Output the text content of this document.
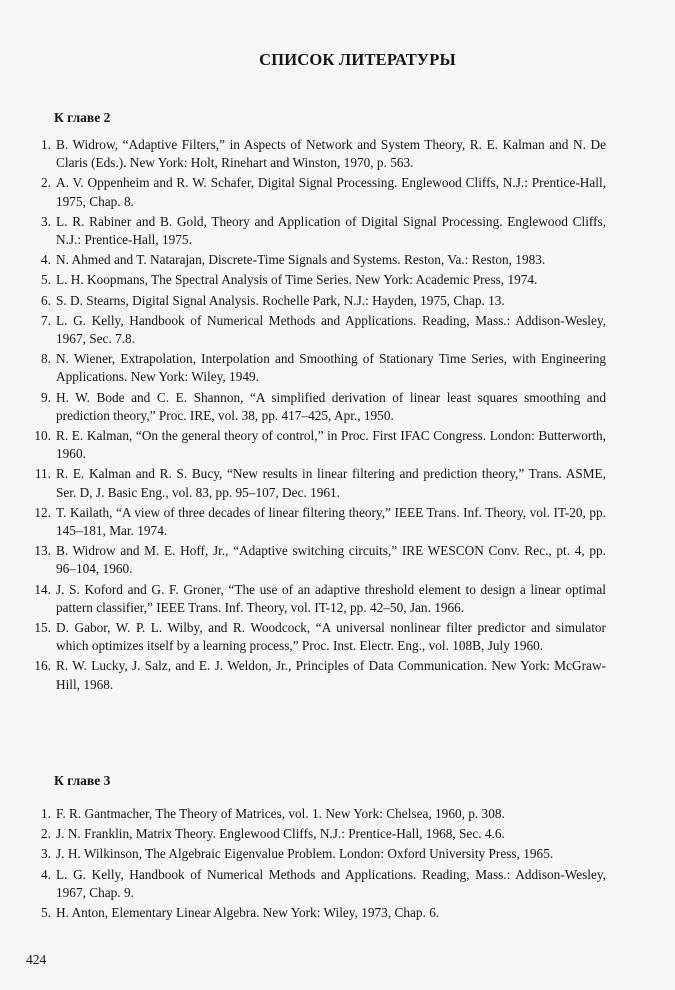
СПИСОК ЛИТЕРАТУРЫ
К главе 2
1. B. Widrow, “Adaptive Filters,” in Aspects of Network and System Theory, R. E. Kalman and N. De Claris (Eds.). New York: Holt, Rinehart and Winston, 1970, p. 563.
2. A. V. Oppenheim and R. W. Schafer, Digital Signal Processing. Englewood Cliffs, N.J.: Prentice-Hall, 1975, Chap. 8.
3. L. R. Rabiner and B. Gold, Theory and Application of Digital Signal Processing. Englewood Cliffs, N.J.: Prentice-Hall, 1975.
4. N. Ahmed and T. Natarajan, Discrete-Time Signals and Systems. Reston, Va.: Reston, 1983.
5. L. H. Koopmans, The Spectral Analysis of Time Series. New York: Academic Press, 1974.
6. S. D. Stearns, Digital Signal Analysis. Rochelle Park, N.J.: Hayden, 1975, Chap. 13.
7. L. G. Kelly, Handbook of Numerical Methods and Applications. Reading, Mass.: Addison-Wesley, 1967, Sec. 7.8.
8. N. Wiener, Extrapolation, Interpolation and Smoothing of Stationary Time Series, with Engineering Applications. New York: Wiley, 1949.
9. H. W. Bode and C. E. Shannon, “A simplified derivation of linear least squares smoothing and prediction theory,” Proc. IRE, vol. 38, pp. 417–425, Apr., 1950.
10. R. E. Kalman, “On the general theory of control,” in Proc. First IFAC Congress. London: Butterworth, 1960.
11. R. E. Kalman and R. S. Bucy, “New results in linear filtering and prediction theory,” Trans. ASME, Ser. D, J. Basic Eng., vol. 83, pp. 95–107, Dec. 1961.
12. T. Kailath, “A view of three decades of linear filtering theory,” IEEE Trans. Inf. Theory, vol. IT-20, pp. 145–181, Mar. 1974.
13. B. Widrow and M. E. Hoff, Jr., “Adaptive switching circuits,” IRE WESCON Conv. Rec., pt. 4, pp. 96–104, 1960.
14. J. S. Koford and G. F. Groner, “The use of an adaptive threshold element to design a linear optimal pattern classifier,” IEEE Trans. Inf. Theory, vol. IT-12, pp. 42–50, Jan. 1966.
15. D. Gabor, W. P. L. Wilby, and R. Woodcock, “A universal nonlinear filter predictor and simulator which optimizes itself by a learning process,” Proc. Inst. Electr. Eng., vol. 108B, July 1960.
16. R. W. Lucky, J. Salz, and E. J. Weldon, Jr., Principles of Data Communication. New York: McGraw-Hill, 1968.
К главе 3
1. F. R. Gantmacher, The Theory of Matrices, vol. 1. New York: Chelsea, 1960, p. 308.
2. J. N. Franklin, Matrix Theory. Englewood Cliffs, N.J.: Prentice-Hall, 1968, Sec. 4.6.
3. J. H. Wilkinson, The Algebraic Eigenvalue Problem. London: Oxford University Press, 1965.
4. L. G. Kelly, Handbook of Numerical Methods and Applications. Reading, Mass.: Addison-Wesley, 1967, Chap. 9.
5. H. Anton, Elementary Linear Algebra. New York: Wiley, 1973, Chap. 6.
424
